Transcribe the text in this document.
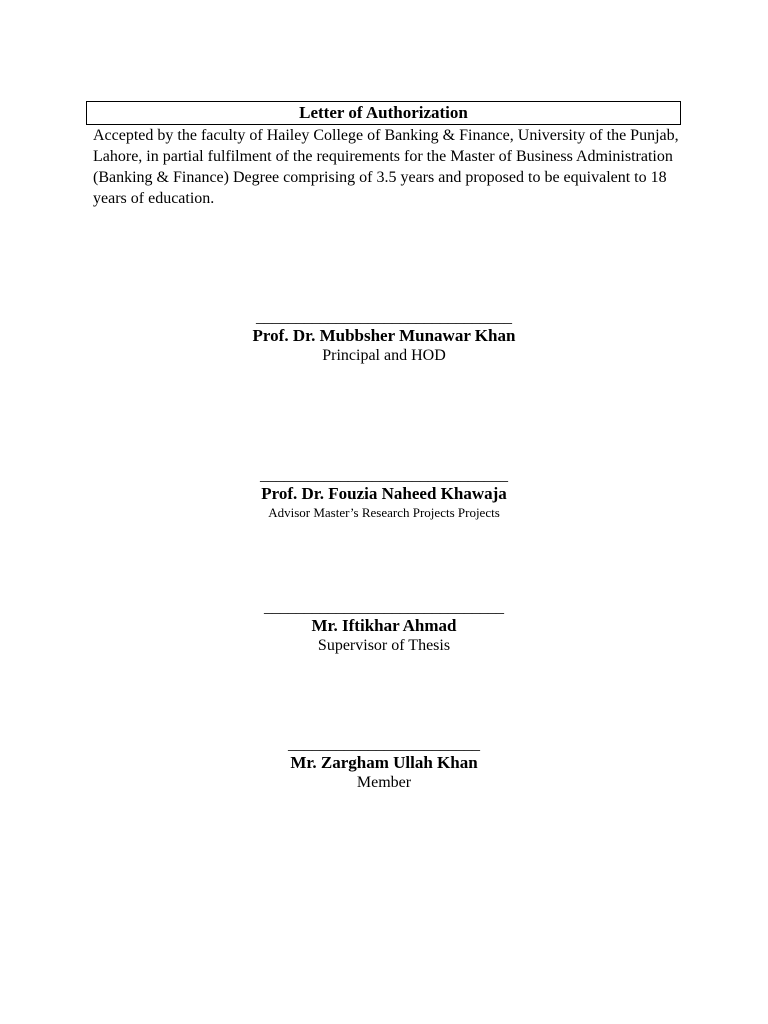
Letter of Authorization
Accepted by the faculty of Hailey College of Banking & Finance, University of the Punjab, Lahore, in partial fulfilment of the requirements for the Master of Business Administration (Banking & Finance) Degree comprising of 3.5 years and proposed to be equivalent to 18 years of education.
________________________________
Prof. Dr. Mubbsher Munawar Khan
Principal and HOD
_______________________________
Prof. Dr. Fouzia Naheed Khawaja
Advisor Master’s Research Projects Projects
______________________________
Mr. Iftikhar Ahmad
Supervisor of Thesis
________________________
Mr. Zargham Ullah Khan
Member
